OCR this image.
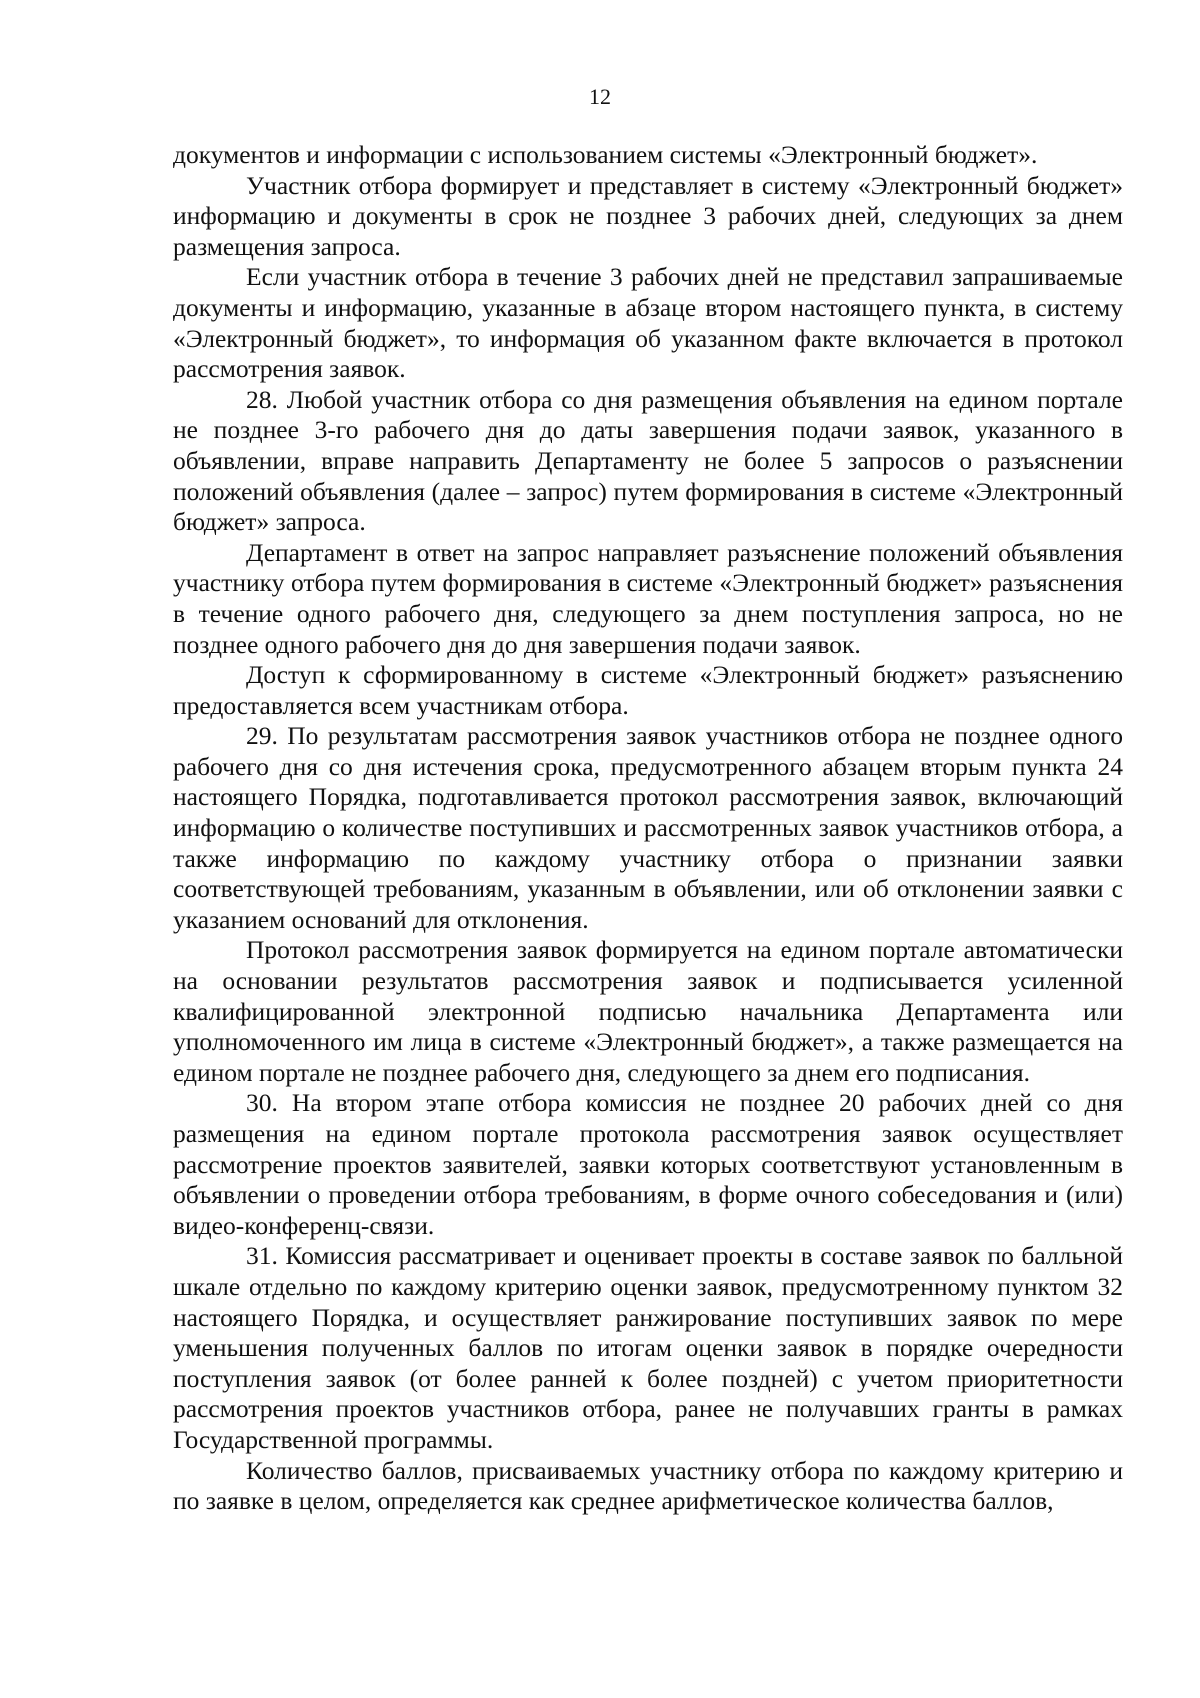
12

документов и информации с использованием системы «Электронный бюджет».

Участник отбора формирует и представляет в систему «Электронный бюджет» информацию и документы в срок не позднее 3 рабочих дней, следующих за днем размещения запроса.

Если участник отбора в течение 3 рабочих дней не представил запрашиваемые документы и информацию, указанные в абзаце втором настоящего пункта, в систему «Электронный бюджет», то информация об указанном факте включается в протокол рассмотрения заявок.

28. Любой участник отбора со дня размещения объявления на едином портале не позднее 3-го рабочего дня до даты завершения подачи заявок, указанного в объявлении, вправе направить Департаменту не более 5 запросов о разъяснении положений объявления (далее – запрос) путем формирования в системе «Электронный бюджет» запроса.

Департамент в ответ на запрос направляет разъяснение положений объявления участнику отбора путем формирования в системе «Электронный бюджет» разъяснения в течение одного рабочего дня, следующего за днем поступления запроса, но не позднее одного рабочего дня до дня завершения подачи заявок.

Доступ к сформированному в системе «Электронный бюджет» разъяснению предоставляется всем участникам отбора.

29. По результатам рассмотрения заявок участников отбора не позднее одного рабочего дня со дня истечения срока, предусмотренного абзацем вторым пункта 24 настоящего Порядка, подготавливается протокол рассмотрения заявок, включающий информацию о количестве поступивших и рассмотренных заявок участников отбора, а также информацию по каждому участнику отбора о признании заявки соответствующей требованиям, указанным в объявлении, или об отклонении заявки с указанием оснований для отклонения.

Протокол рассмотрения заявок формируется на едином портале автоматически на основании результатов рассмотрения заявок и подписывается усиленной квалифицированной электронной подписью начальника Департамента или уполномоченного им лица в системе «Электронный бюджет», а также размещается на едином портале не позднее рабочего дня, следующего за днем его подписания.

30. На втором этапе отбора комиссия не позднее 20 рабочих дней со дня размещения на едином портале протокола рассмотрения заявок осуществляет рассмотрение проектов заявителей, заявки которых соответствуют установленным в объявлении о проведении отбора требованиям, в форме очного собеседования и (или) видео-конференц-связи.

31. Комиссия рассматривает и оценивает проекты в составе заявок по балльной шкале отдельно по каждому критерию оценки заявок, предусмотренному пунктом 32 настоящего Порядка, и осуществляет ранжирование поступивших заявок по мере уменьшения полученных баллов по итогам оценки заявок в порядке очередности поступления заявок (от более ранней к более поздней) с учетом приоритетности рассмотрения проектов участников отбора, ранее не получавших гранты в рамках Государственной программы.

Количество баллов, присваиваемых участнику отбора по каждому критерию и по заявке в целом, определяется как среднее арифметическое количества баллов,
